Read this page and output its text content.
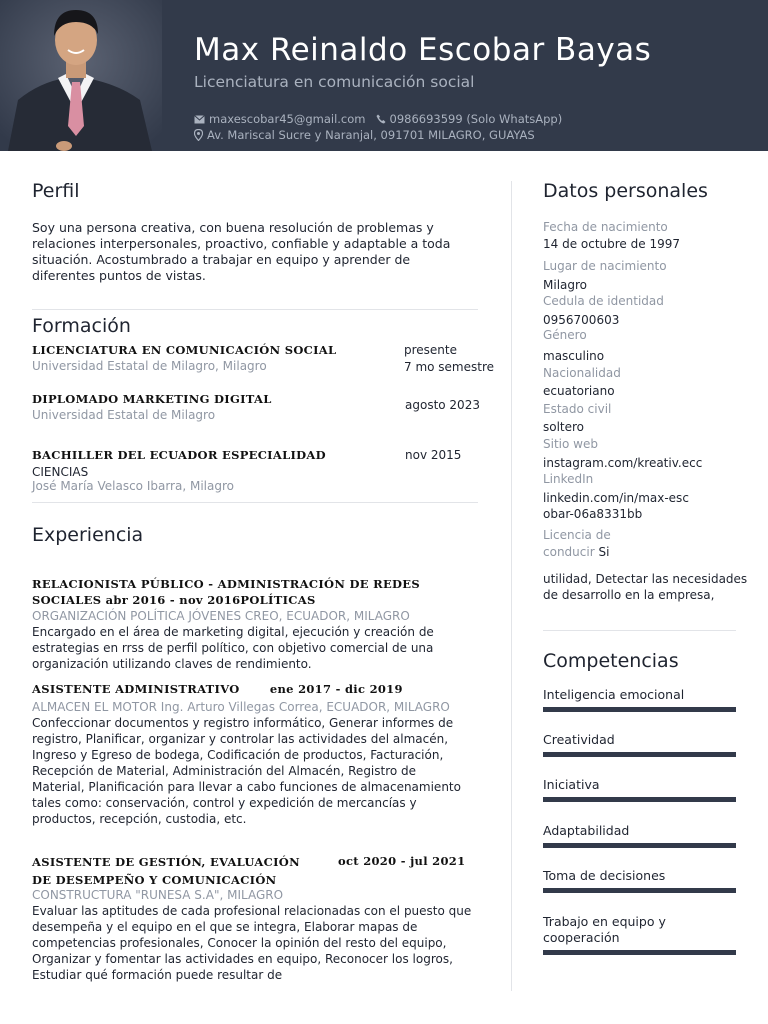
Max Reinaldo Escobar Bayas
Licenciatura en comunicación social
maxescobar45@gmail.com 0986693599 (Solo WhatsApp)
Av. Mariscal Sucre y Naranjal, 091701 MILAGRO, GUAYAS
Perfil

Soy una persona creativa, con buena resolución de problemas y relaciones interpersonales, proactivo, confiable y adaptable a toda situación. Acostumbrado a trabajar en equipo y aprender de diferentes puntos de vistas.

Formación
LICENCIATURA EN COMUNICACIÓN SOCIAL
Universidad Estatal de Milagro, Milagro
presente
7 mo semestre
DIPLOMADO MARKETING DIGITAL
Universidad Estatal de Milagro
agosto 2023
BACHILLER DEL ECUADOR ESPECIALIDAD
CIENCIAS
José María Velasco Ibarra, Milagro
nov 2015
Experiencia
RELACIONISTA PÚBLICO - ADMINISTRACIÓN DE REDES SOCIALES abr 2016 - nov 2016POLÍTICAS
ORGANIZACIÓN POLÍTICA JÓVENES CREO, ECUADOR, MILAGRO
Encargado en el área de marketing digital, ejecución y creación de estrategias en rrss de perfil político, con objetivo comercial de una organización utilizando claves de rendimiento.
ASISTENTE ADMINISTRATIVO	ene 2017 - dic 2019
ALMACEN EL MOTOR Ing. Arturo Villegas Correa, ECUADOR, MILAGRO
Confeccionar documentos y registro informático, Generar informes de registro, Planificar, organizar y controlar las actividades del almacén, Ingreso y Egreso de bodega, Codificación de productos, Facturación, Recepción de Material, Administración del Almacén, Registro de Material, Planificación para llevar a cabo funciones de almacenamiento tales como: conservación, control y expedición de mercancías y productos, recepción, custodia, etc.
ASISTENTE DE GESTIÓN, EVALUACIÓN DE DESEMPEÑO Y COMUNICACIÓN
oct 2020 - jul 2021
CONSTRUCTURA "RUNESA S.A", MILAGRO
Evaluar las aptitudes de cada profesional relacionadas con el puesto que desempeña y el equipo en el que se integra, Elaborar mapas de competencias profesionales, Conocer la opinión del resto del equipo, Organizar y fomentar las actividades en equipo, Reconocer los logros, Estudiar qué formación puede resultar de
Datos personales
Fecha de nacimiento
14 de octubre de 1997
Lugar de nacimiento
Milagro
Cedula de identidad
0956700603
Género
masculino
Nacionalidad
ecuatoriano
Estado civil
soltero
Sitio web
instagram.com/kreativ.ecc
LinkedIn
linkedin.com/in/max-escobar-06a8331bb
Licencia de
conducir Si
utilidad, Detectar las necesidades de desarrollo en la empresa,
Competencias
Inteligencia emocional
Creatividad
Iniciativa
Adaptabilidad
Toma de decisiones
Trabajo en equipo y cooperación
